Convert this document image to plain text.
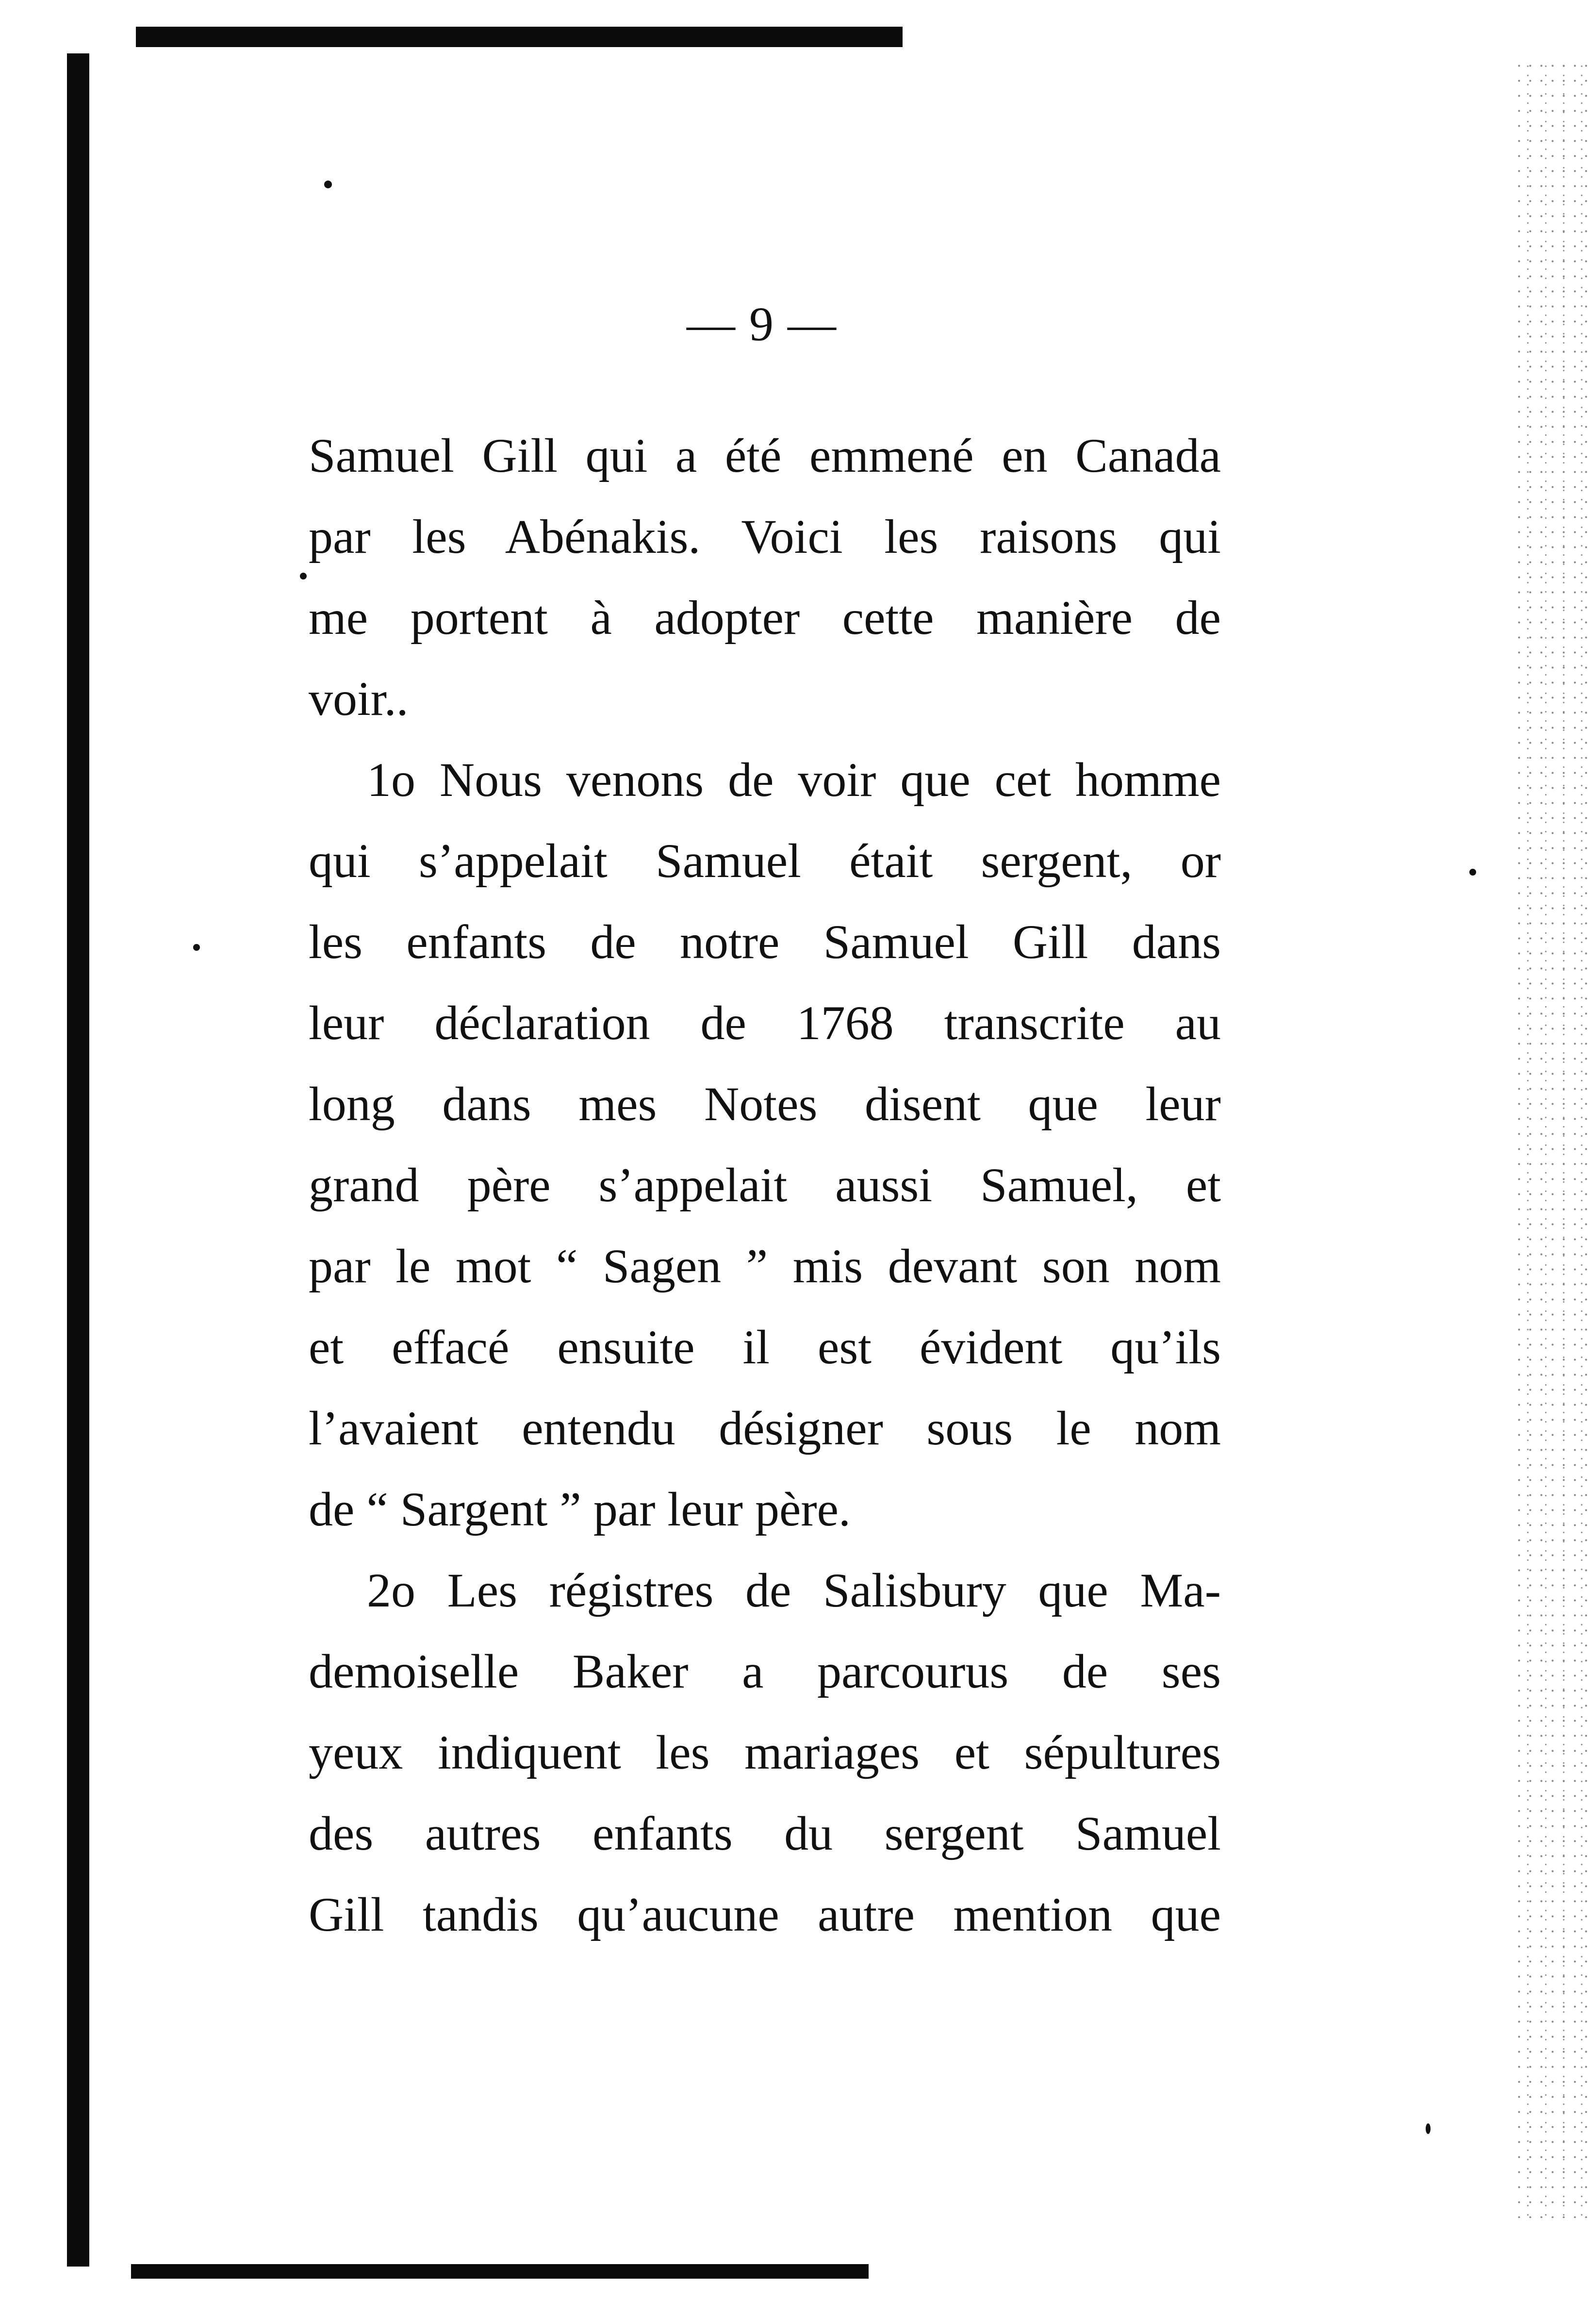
— 9 —
Samuel Gill qui a été emmené en Canada
par les Abénakis. Voici les raisons qui
me portent à adopter cette manière de
voir..
1o Nous venons de voir que cet homme
qui s’appelait Samuel était sergent, or
les enfants de notre Samuel Gill dans
leur déclaration de 1768 transcrite au
long dans mes Notes disent que leur
grand père s’appelait aussi Samuel, et
par le mot “ Sagen ” mis devant son nom
et effacé ensuite il est évident qu’ils
l’avaient entendu désigner sous le nom
de “ Sargent ” par leur père.
2o Les régistres de Salisbury que Ma-
demoiselle Baker a parcourus de ses
yeux indiquent les mariages et sépultures
des autres enfants du sergent Samuel
Gill tandis qu’aucune autre mention que
